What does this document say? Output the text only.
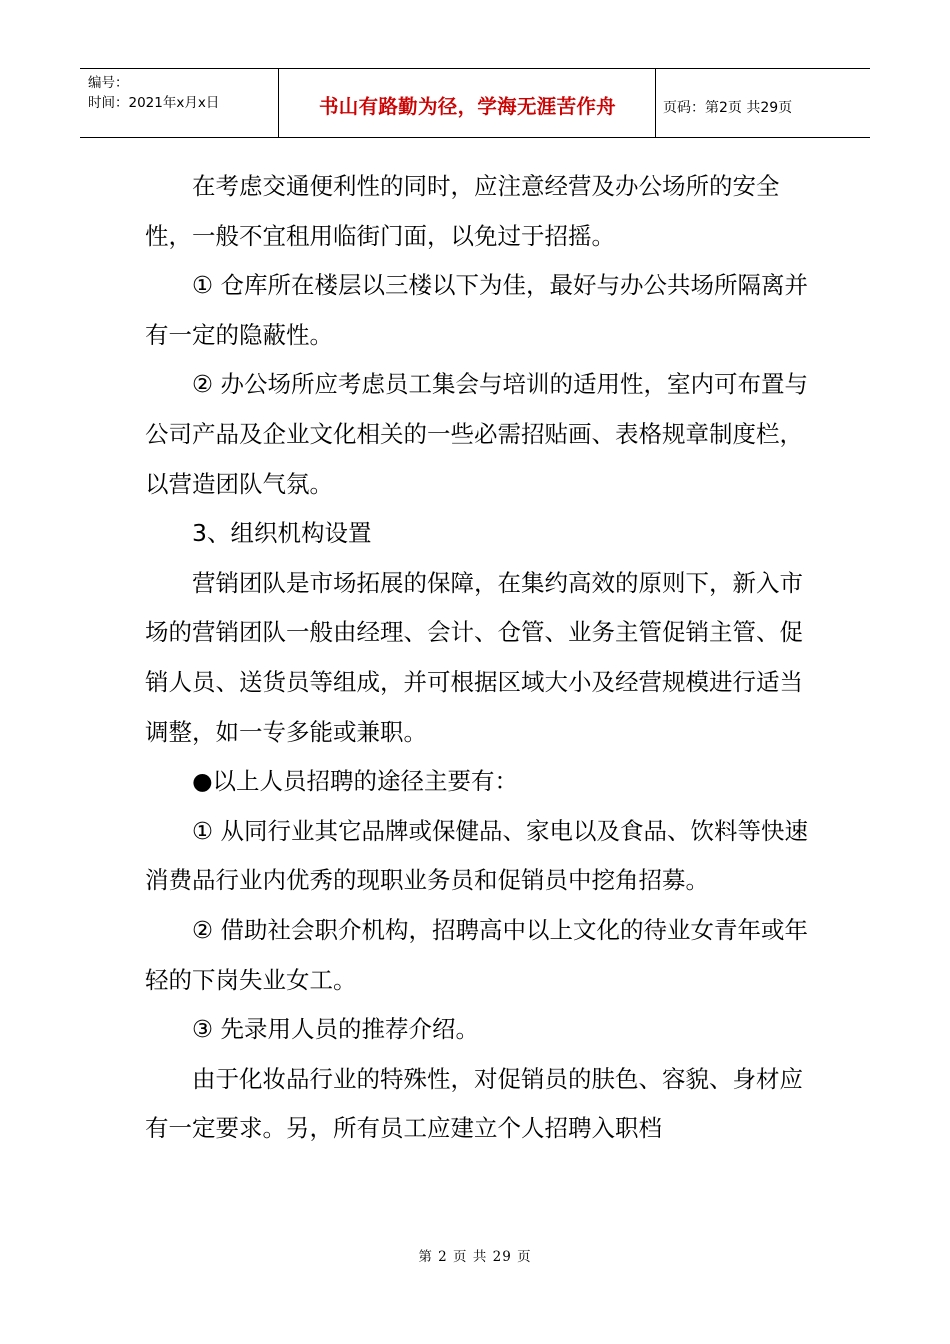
编号：
时间：2021年x月x日	书山有路勤为径，学海无涯苦作舟	页码：第2页 共29页

在考虑交通便利性的同时，应注意经营及办公场所的安全性，一般不宜租用临街门面，以免过于招摇。

① 仓库所在楼层以三楼以下为佳，最好与办公共场所隔离并有一定的隐蔽性。

② 办公场所应考虑员工集会与培训的适用性，室内可布置与公司产品及企业文化相关的一些必需招贴画、表格规章制度栏，以营造团队气氛。

3、组织机构设置

营销团队是市场拓展的保障，在集约高效的原则下，新入市场的营销团队一般由经理、会计、仓管、业务主管促销主管、促销人员、送货员等组成，并可根据区域大小及经营规模进行适当调整，如一专多能或兼职。

●以上人员招聘的途径主要有：

① 从同行业其它品牌或保健品、家电以及食品、饮料等快速消费品行业内优秀的现职业务员和促销员中挖角招募。

② 借助社会职介机构，招聘高中以上文化的待业女青年或年轻的下岗失业女工。

③ 先录用人员的推荐介绍。

由于化妆品行业的特殊性，对促销员的肤色、容貌、身材应有一定要求。另，所有员工应建立个人招聘入职档

第 2 页 共 29 页
